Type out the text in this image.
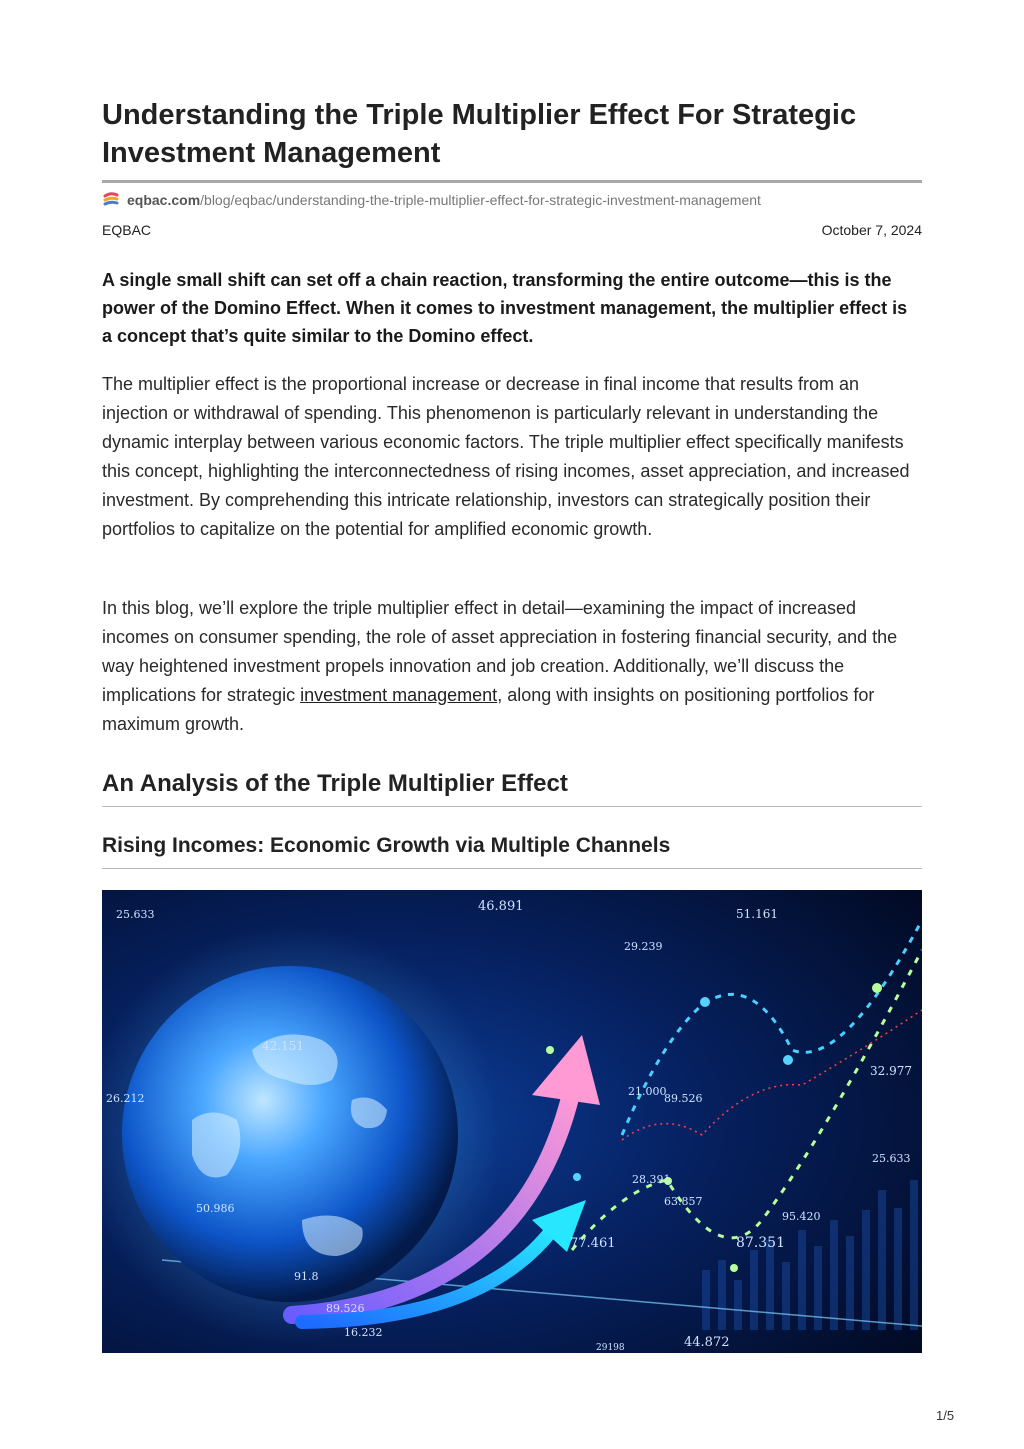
Understanding the Triple Multiplier Effect For Strategic Investment Management
eqbac.com /blog/eqbac/understanding-the-triple-multiplier-effect-for-strategic-investment-management
EQBAC	October 7, 2024

A single small shift can set off a chain reaction, transforming the entire outcome—this is the power of the Domino Effect. When it comes to investment management, the multiplier effect is a concept that’s quite similar to the Domino effect.

The multiplier effect is the proportional increase or decrease in final income that results from an injection or withdrawal of spending. This phenomenon is particularly relevant in understanding the dynamic interplay between various economic factors. The triple multiplier effect specifically manifests this concept, highlighting the interconnectedness of rising incomes, asset appreciation, and increased investment. By comprehending this intricate relationship, investors can strategically position their portfolios to capitalize on the potential for amplified economic growth.

In this blog, we’ll explore the triple multiplier effect in detail—examining the impact of increased incomes on consumer spending, the role of asset appreciation in fostering financial security, and the way heightened investment propels innovation and job creation. Additionally, we’ll discuss the implications for strategic investment management, along with insights on positioning portfolios for maximum growth.

An Analysis of the Triple Multiplier Effect
Rising Incomes: Economic Growth via Multiple Channels
46.891	51.161
25.633
29.239
42.151
21.000
89.526
32.977
25.633
28.391
63.857
95.420
77.461	87.351
26.212
50.986
91.8
89.526
16.232
44.872
29198
1/5
